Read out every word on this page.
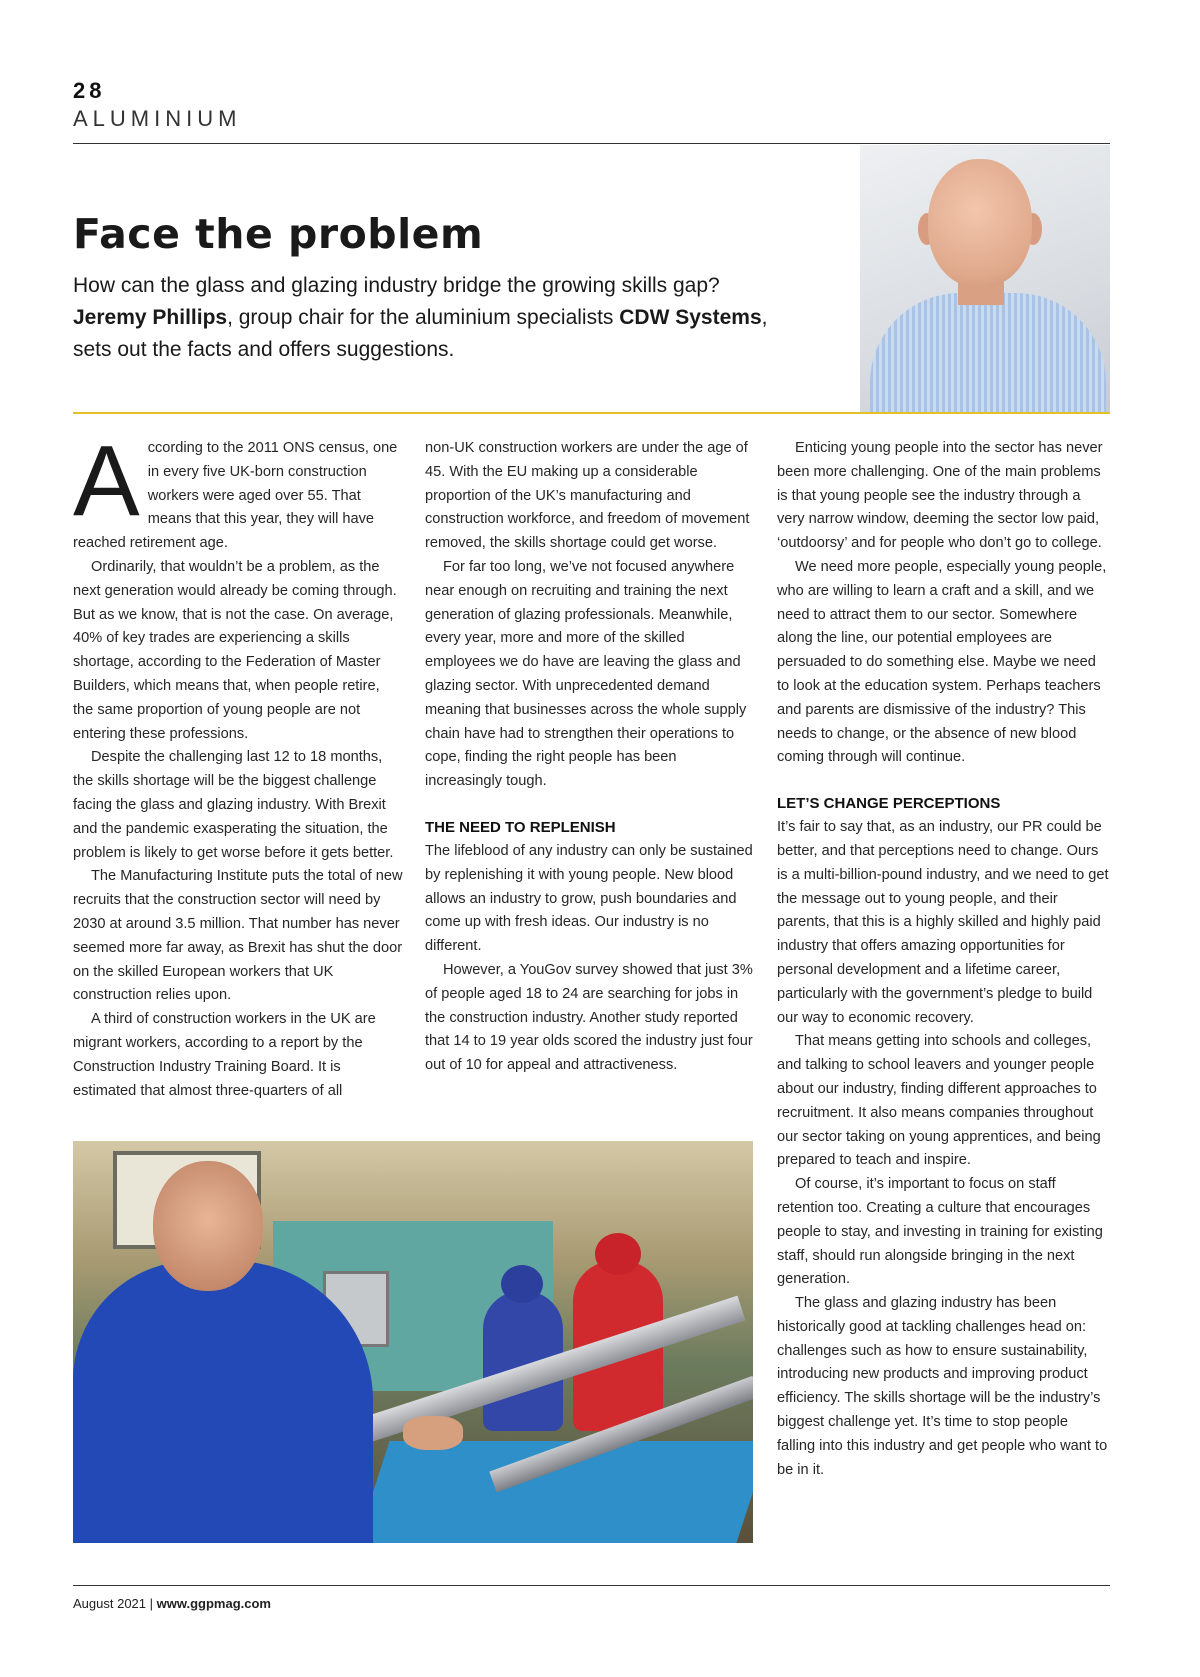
28
ALUMINIUM
Face the problem

How can the glass and glazing industry bridge the growing skills gap?
Jeremy Phillips, group chair for the aluminium specialists CDW Systems,
sets out the facts and offers suggestions.

According to the 2011 ONS census, one in every five UK-born construction workers were aged over 55. That means that this year, they will have reached retirement age.

Ordinarily, that wouldn’t be a problem, as the next generation would already be coming through. But as we know, that is not the case. On average, 40% of key trades are experiencing a skills shortage, according to the Federation of Master Builders, which means that, when people retire, the same proportion of young people are not entering these professions.

Despite the challenging last 12 to 18 months, the skills shortage will be the biggest challenge facing the glass and glazing industry. With Brexit and the pandemic exasperating the situation, the problem is likely to get worse before it gets better.

The Manufacturing Institute puts the total of new recruits that the construction sector will need by 2030 at around 3.5 million. That number has never seemed more far away, as Brexit has shut the door on the skilled European workers that UK construction relies upon.

A third of construction workers in the UK are migrant workers, according to a report by the Construction Industry Training Board. It is estimated that almost three-quarters of all

non-UK construction workers are under the age of 45. With the EU making up a considerable proportion of the UK’s manufacturing and construction workforce, and freedom of movement removed, the skills shortage could get worse.

For far too long, we’ve not focused anywhere near enough on recruiting and training the next generation of glazing professionals. Meanwhile, every year, more and more of the skilled employees we do have are leaving the glass and glazing sector. With unprecedented demand meaning that businesses across the whole supply chain have had to strengthen their operations to cope, finding the right people has been increasingly tough.

THE NEED TO REPLENISH

The lifeblood of any industry can only be sustained by replenishing it with young people. New blood allows an industry to grow, push boundaries and come up with fresh ideas. Our industry is no different.

However, a YouGov survey showed that just 3% of people aged 18 to 24 are searching for jobs in the construction industry. Another study reported that 14 to 19 year olds scored the industry just four out of 10 for appeal and attractiveness.

Enticing young people into the sector has never been more challenging. One of the main problems is that young people see the industry through a very narrow window, deeming the sector low paid, ‘outdoorsy’ and for people who don’t go to college.

We need more people, especially young people, who are willing to learn a craft and a skill, and we need to attract them to our sector. Somewhere along the line, our potential employees are persuaded to do something else. Maybe we need to look at the education system. Perhaps teachers and parents are dismissive of the industry? This needs to change, or the absence of new blood coming through will continue.

LET’S CHANGE PERCEPTIONS

It’s fair to say that, as an industry, our PR could be better, and that perceptions need to change. Ours is a multi-billion-pound industry, and we need to get the message out to young people, and their parents, that this is a highly skilled and highly paid industry that offers amazing opportunities for personal development and a lifetime career, particularly with the government’s pledge to build our way to economic recovery.

That means getting into schools and colleges, and talking to school leavers and younger people about our industry, finding different approaches to recruitment. It also means companies throughout our sector taking on young apprentices, and being prepared to teach and inspire.

Of course, it’s important to focus on staff retention too. Creating a culture that encourages people to stay, and investing in training for existing staff, should run alongside bringing in the next generation.

The glass and glazing industry has been historically good at tackling challenges head on: challenges such as how to ensure sustainability, introducing new products and improving product efficiency. The skills shortage will be the industry’s biggest challenge yet. It’s time to stop people falling into this industry and get people who want to be in it.

August 2021 | www.ggpmag.com
